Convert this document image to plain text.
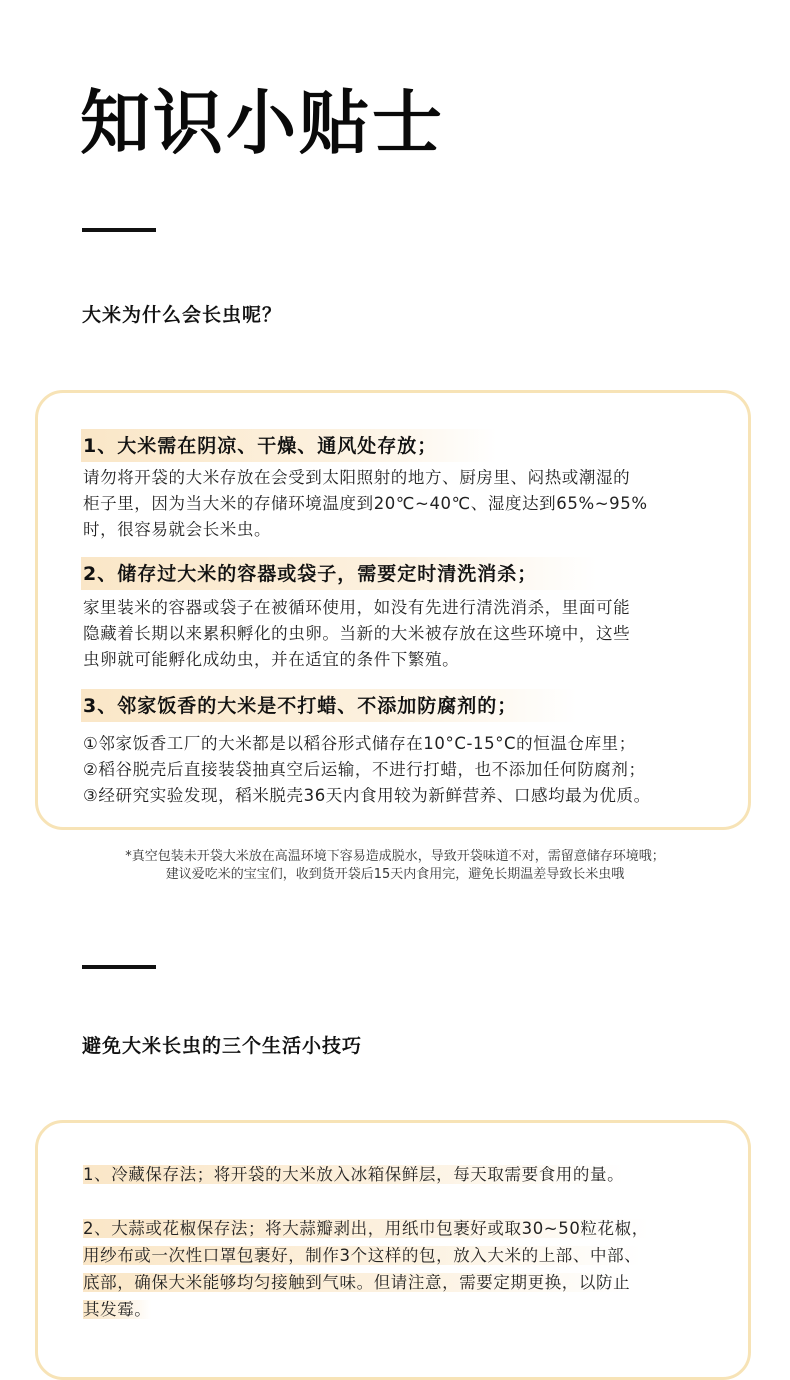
知识小贴士
大米为什么会长虫呢？
1、大米需在阴凉、干燥、通风处存放；

请勿将开袋的大米存放在会受到太阳照射的地方、厨房里、闷热或潮湿的
柜子里，因为当大米的存储环境温度到20℃~40℃、湿度达到65%~95%
时，很容易就会长米虫。

2、储存过大米的容器或袋子，需要定时清洗消杀；

家里装米的容器或袋子在被循环使用，如没有先进行清洗消杀，里面可能
隐藏着长期以来累积孵化的虫卵。当新的大米被存放在这些环境中，这些
虫卵就可能孵化成幼虫，并在适宜的条件下繁殖。

3、邻家饭香的大米是不打蜡、不添加防腐剂的；

①邻家饭香工厂的大米都是以稻谷形式储存在10°C-15°C的恒温仓库里；
②稻谷脱壳后直接装袋抽真空后运输，不进行打蜡，也不添加任何防腐剂；
③经研究实验发现，稻米脱壳36天内食用较为新鲜营养、口感均最为优质。

*真空包装未开袋大米放在高温环境下容易造成脱水，导致开袋味道不对，需留意储存环境哦；
建议爱吃米的宝宝们，收到货开袋后15天内食用完，避免长期温差导致长米虫哦

避免大米长虫的三个生活小技巧

1、冷藏保存法；将开袋的大米放入冰箱保鲜层，每天取需要食用的量。

2、大蒜或花椒保存法；将大蒜瓣剥出，用纸巾包裹好或取30~50粒花椒，
用纱布或一次性口罩包裹好，制作3个这样的包，放入大米的上部、中部、
底部，确保大米能够均匀接触到气味。但请注意，需要定期更换，以防止
其发霉。
